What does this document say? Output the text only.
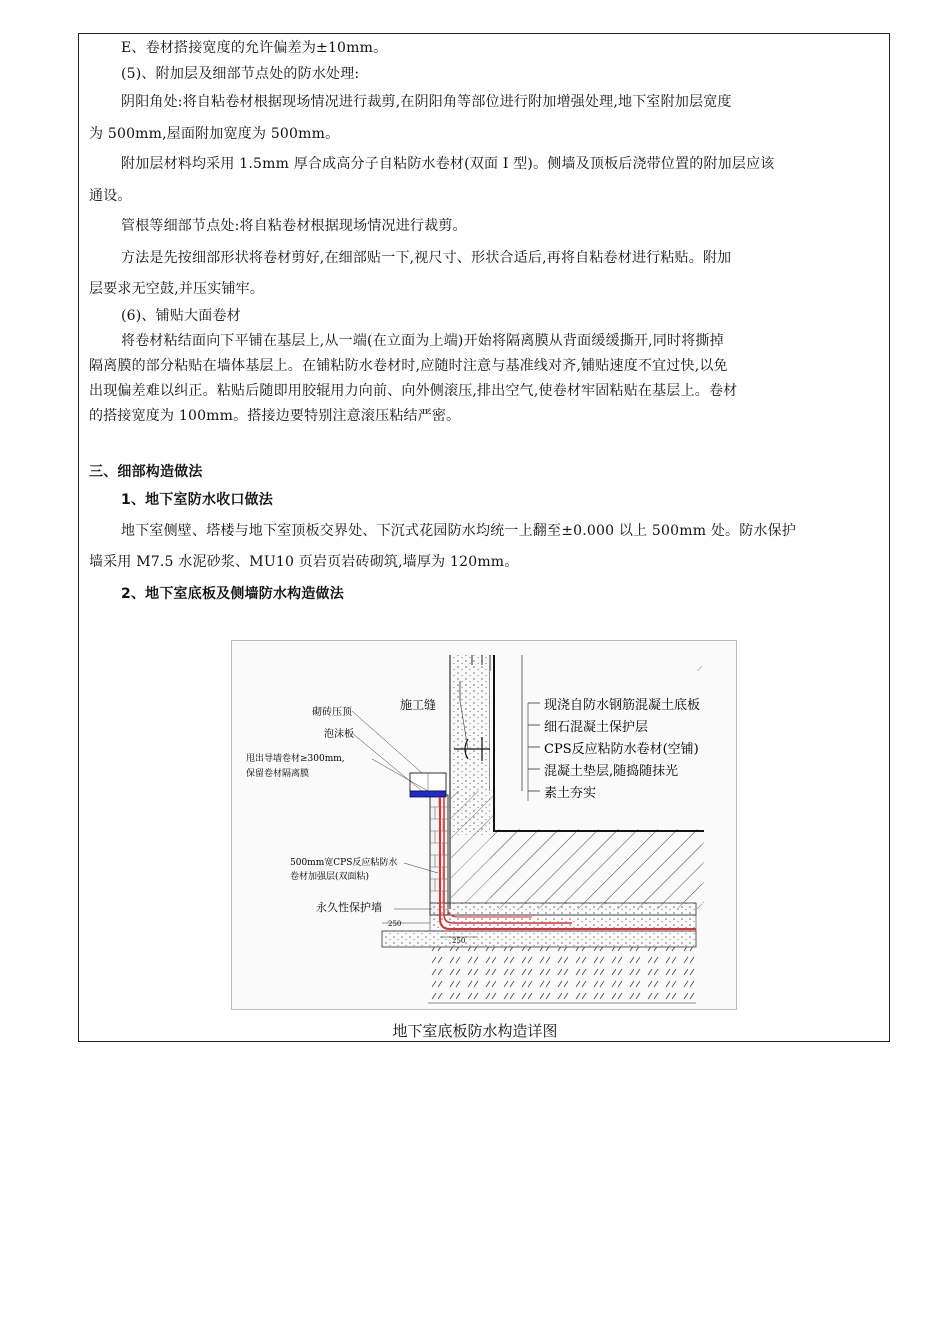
E、卷材搭接宽度的允许偏差为±10mm。
(5)、附加层及细部节点处的防水处理:
阴阳角处:将自粘卷材根据现场情况进行裁剪,在阴阳角等部位进行附加增强处理,地下室附加层宽度
为 500mm,屋面附加宽度为 500mm。
附加层材料均采用 1.5mm 厚合成高分子自粘防水卷材(双面 I 型)。侧墙及顶板后浇带位置的附加层应该
通设。
管根等细部节点处:将自粘卷材根据现场情况进行裁剪。
方法是先按细部形状将卷材剪好,在细部贴一下,视尺寸、形状合适后,再将自粘卷材进行粘贴。附加
层要求无空鼓,并压实铺牢。
(6)、铺贴大面卷材
将卷材粘结面向下平铺在基层上,从一端(在立面为上端)开始将隔离膜从背面缓缓撕开,同时将撕掉
隔离膜的部分粘贴在墙体基层上。在铺粘防水卷材时,应随时注意与基准线对齐,铺贴速度不宜过快,以免
出现偏差难以纠正。粘贴后随即用胶辊用力向前、向外侧滚压,排出空气,使卷材牢固粘贴在基层上。卷材
的搭接宽度为 100mm。搭接边要特别注意滚压粘结严密。
三、细部构造做法
1、地下室防水收口做法
地下室侧壁、塔楼与地下室顶板交界处、下沉式花园防水均统一上翻至±0.000 以上 500mm 处。防水保护
墙采用 M7.5 水泥砂浆、MU10 页岩页岩砖砌筑,墙厚为 120mm。
2、地下室底板及侧墙防水构造做法
250
250
砌砖压顶
泡沫板
甩出导墙卷材≥300mm,
保留卷材隔离膜
500mm宽CPS反应粘防水
卷材加强层(双面粘)
永久性保护墙
施工缝	现浇自防水钢筋混凝土底板
细石混凝土保护层
CPS反应粘防水卷材(空铺)
混凝土垫层,随捣随抹光
素土夯实
地下室底板防水构造详图
